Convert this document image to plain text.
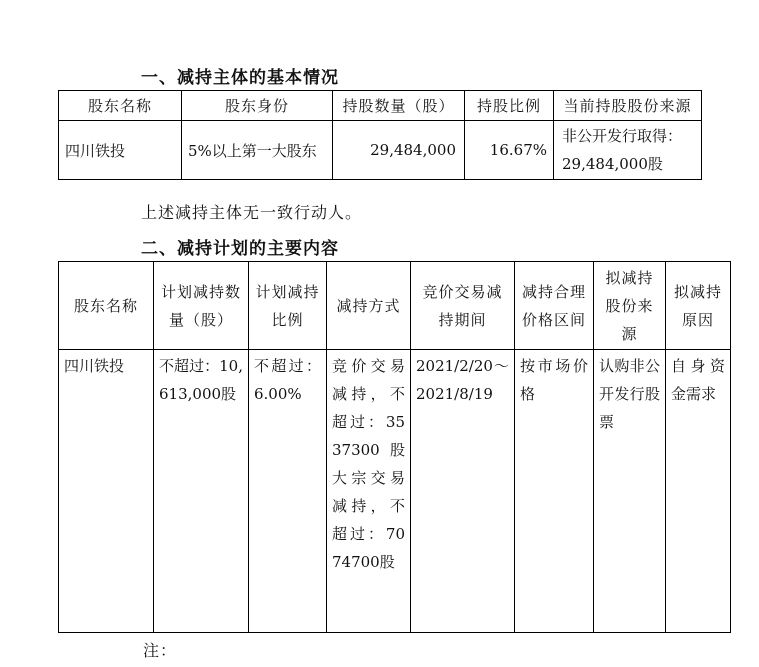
一、减持主体的基本情况
股东名称	股东身份	持股数量（股）	持股比例	当前持股股份来源
四川铁投	5%以上第一大股东	29,484,000	16.67%	非公开发行取得：29,484,000股
上述减持主体无一致行动人。
二、减持计划的主要内容
股东名称	计划减持数量（股）	计划减持比例	减持方式	竞价交易减持期间	减持合理价格区间	拟减持股份来源	拟减持原因
四川铁投	不超过：10,613,000股	不超过：6.00%	竞价交易减持，不超过：3537300股 大宗交易减持，不超过：7074700股	2021/2/20～2021/8/19	按市场价格	认购非公开发行股票	自身资金需求
注：
